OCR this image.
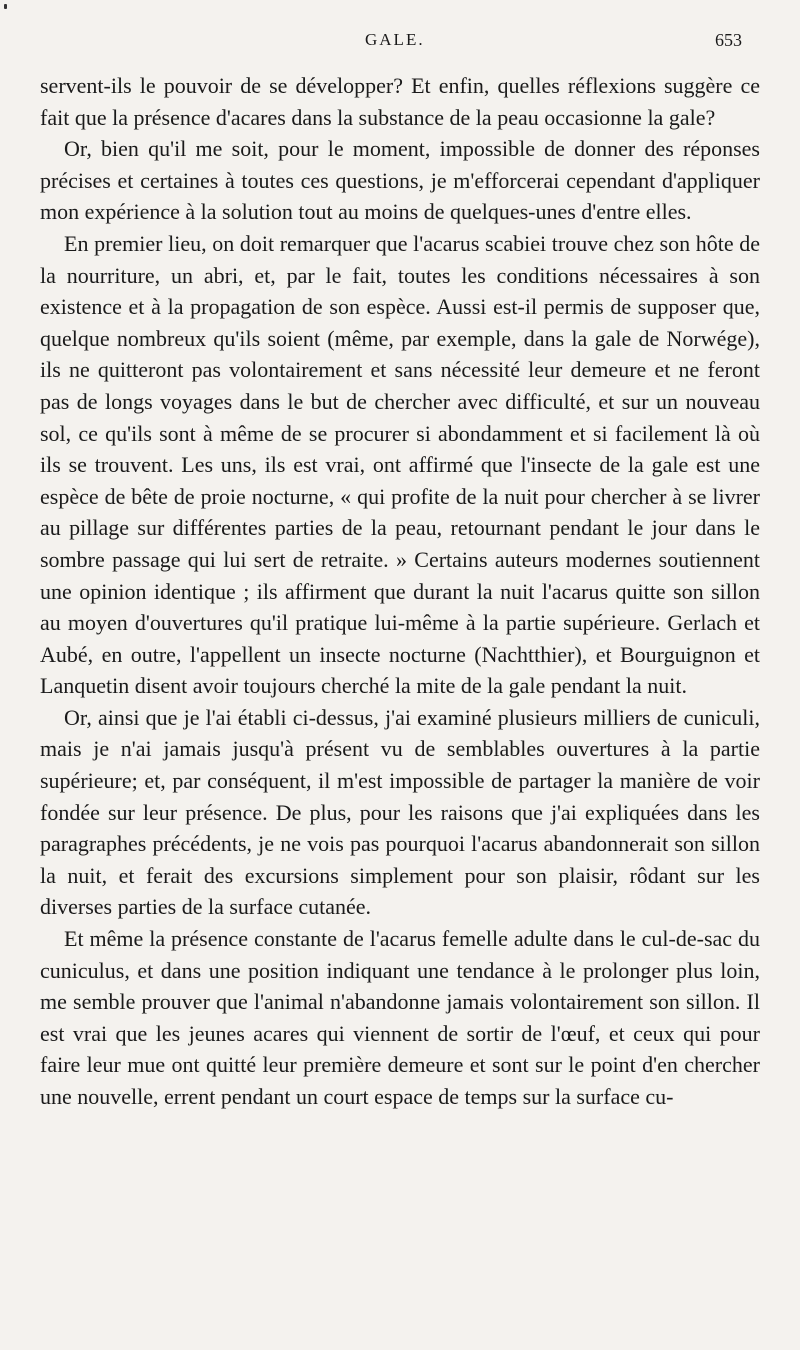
GALE.	653

servent-ils le pouvoir de se développer? Et enfin, quelles réflexions suggère ce fait que la présence d'acares dans la substance de la peau occasionne la gale?

Or, bien qu'il me soit, pour le moment, impossible de donner des réponses précises et certaines à toutes ces questions, je m'efforcerai cependant d'appliquer mon expérience à la solution tout au moins de quelques-unes d'entre elles.

En premier lieu, on doit remarquer que l'acarus scabiei trouve chez son hôte de la nourriture, un abri, et, par le fait, toutes les conditions nécessaires à son existence et à la propagation de son espèce. Aussi est-il permis de supposer que, quelque nombreux qu'ils soient (même, par exemple, dans la gale de Norwége), ils ne quitteront pas volontairement et sans nécessité leur demeure et ne feront pas de longs voyages dans le but de chercher avec difficulté, et sur un nouveau sol, ce qu'ils sont à même de se procurer si abondamment et si facilement là où ils se trouvent. Les uns, ils est vrai, ont affirmé que l'insecte de la gale est une espèce de bête de proie nocturne, « qui profite de la nuit pour chercher à se livrer au pillage sur différentes parties de la peau, retournant pendant le jour dans le sombre passage qui lui sert de retraite. » Certains auteurs modernes soutiennent une opinion identique ; ils affirment que durant la nuit l'acarus quitte son sillon au moyen d'ouvertures qu'il pratique lui-même à la partie supérieure. Gerlach et Aubé, en outre, l'appellent un insecte nocturne (Nachtthier), et Bourguignon et Lanquetin disent avoir toujours cherché la mite de la gale pendant la nuit.

Or, ainsi que je l'ai établi ci-dessus, j'ai examiné plusieurs milliers de cuniculi, mais je n'ai jamais jusqu'à présent vu de semblables ouvertures à la partie supérieure; et, par conséquent, il m'est impossible de partager la manière de voir fondée sur leur présence. De plus, pour les raisons que j'ai expliquées dans les paragraphes précédents, je ne vois pas pourquoi l'acarus abandonnerait son sillon la nuit, et ferait des excursions simplement pour son plaisir, rôdant sur les diverses parties de la surface cutanée.

Et même la présence constante de l'acarus femelle adulte dans le cul-de-sac du cuniculus, et dans une position indiquant une tendance à le prolonger plus loin, me semble prouver que l'animal n'abandonne jamais volontairement son sillon. Il est vrai que les jeunes acares qui viennent de sortir de l'œuf, et ceux qui pour faire leur mue ont quitté leur première demeure et sont sur le point d'en chercher une nouvelle, errent pendant un court espace de temps sur la surface cu-
